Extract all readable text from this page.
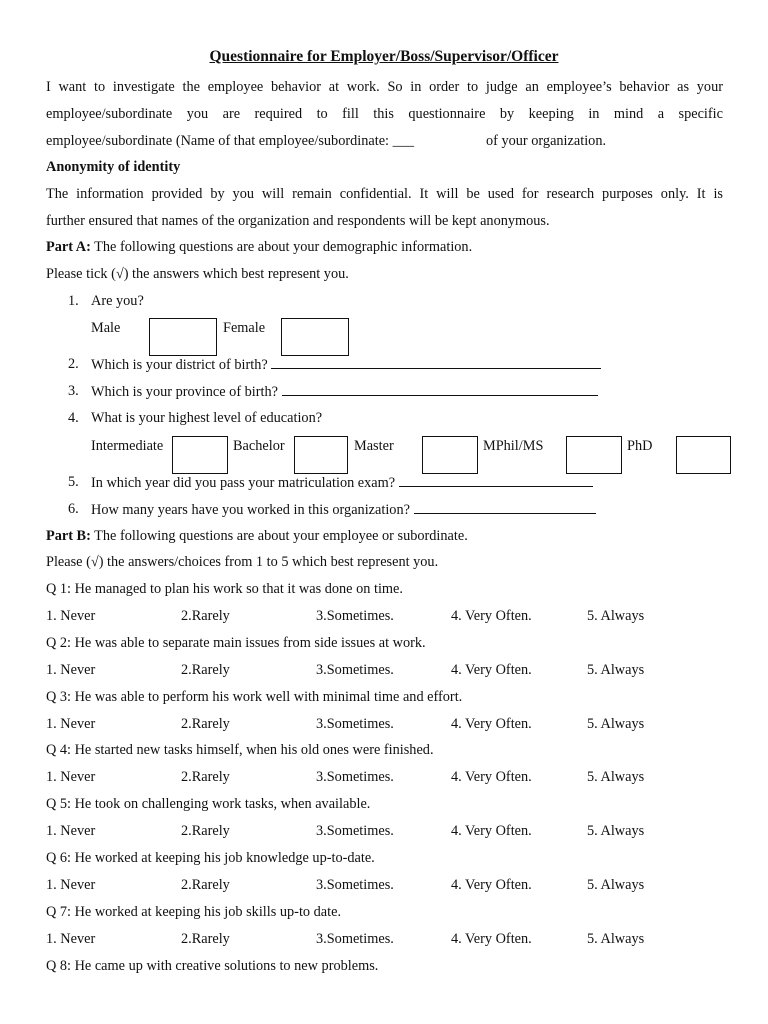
Questionnaire for Employer/Boss/Supervisor/Officer
I want to investigate the employee behavior at work. So in order to judge an employee’s behavior as your
employee/subordinate you are required to fill this questionnaire by keeping in mind a specific
employee/subordinate (Name of that employee/subordinate: ___	of your organization.
Anonymity of identity
The information provided by you will remain confidential. It will be used for research purposes only. It is
further ensured that names of the organization and respondents will be kept anonymous.
Part A: The following questions are about your demographic information.
Please tick (√) the answers which best represent you.
1. Are you?
Male	Female
2. Which is your district of birth?
3. Which is your province of birth?
4. What is your highest level of education?
Intermediate	Bachelor	Master	MPhil/MS	PhD
5. In which year did you pass your matriculation exam?
6. How many years have you worked in this organization?
Part B: The following questions are about your employee or subordinate.
Please (√) the answers/choices from 1 to 5 which best represent you.
Q 1: He managed to plan his work so that it was done on time.
1. Never	2.Rarely	3.Sometimes.	4. Very Often.	5. Always
Q 2: He was able to separate main issues from side issues at work.
1. Never	2.Rarely	3.Sometimes.	4. Very Often.	5. Always
Q 3: He was able to perform his work well with minimal time and effort.
1. Never	2.Rarely	3.Sometimes.	4. Very Often.	5. Always
Q 4: He started new tasks himself, when his old ones were finished.
1. Never	2.Rarely	3.Sometimes.	4. Very Often.	5. Always
Q 5: He took on challenging work tasks, when available.
1. Never	2.Rarely	3.Sometimes.	4. Very Often.	5. Always
Q 6: He worked at keeping his job knowledge up-to-date.
1. Never	2.Rarely	3.Sometimes.	4. Very Often.	5. Always
Q 7: He worked at keeping his job skills up-to date.
1. Never	2.Rarely	3.Sometimes.	4. Very Often.	5. Always
Q 8: He came up with creative solutions to new problems.
